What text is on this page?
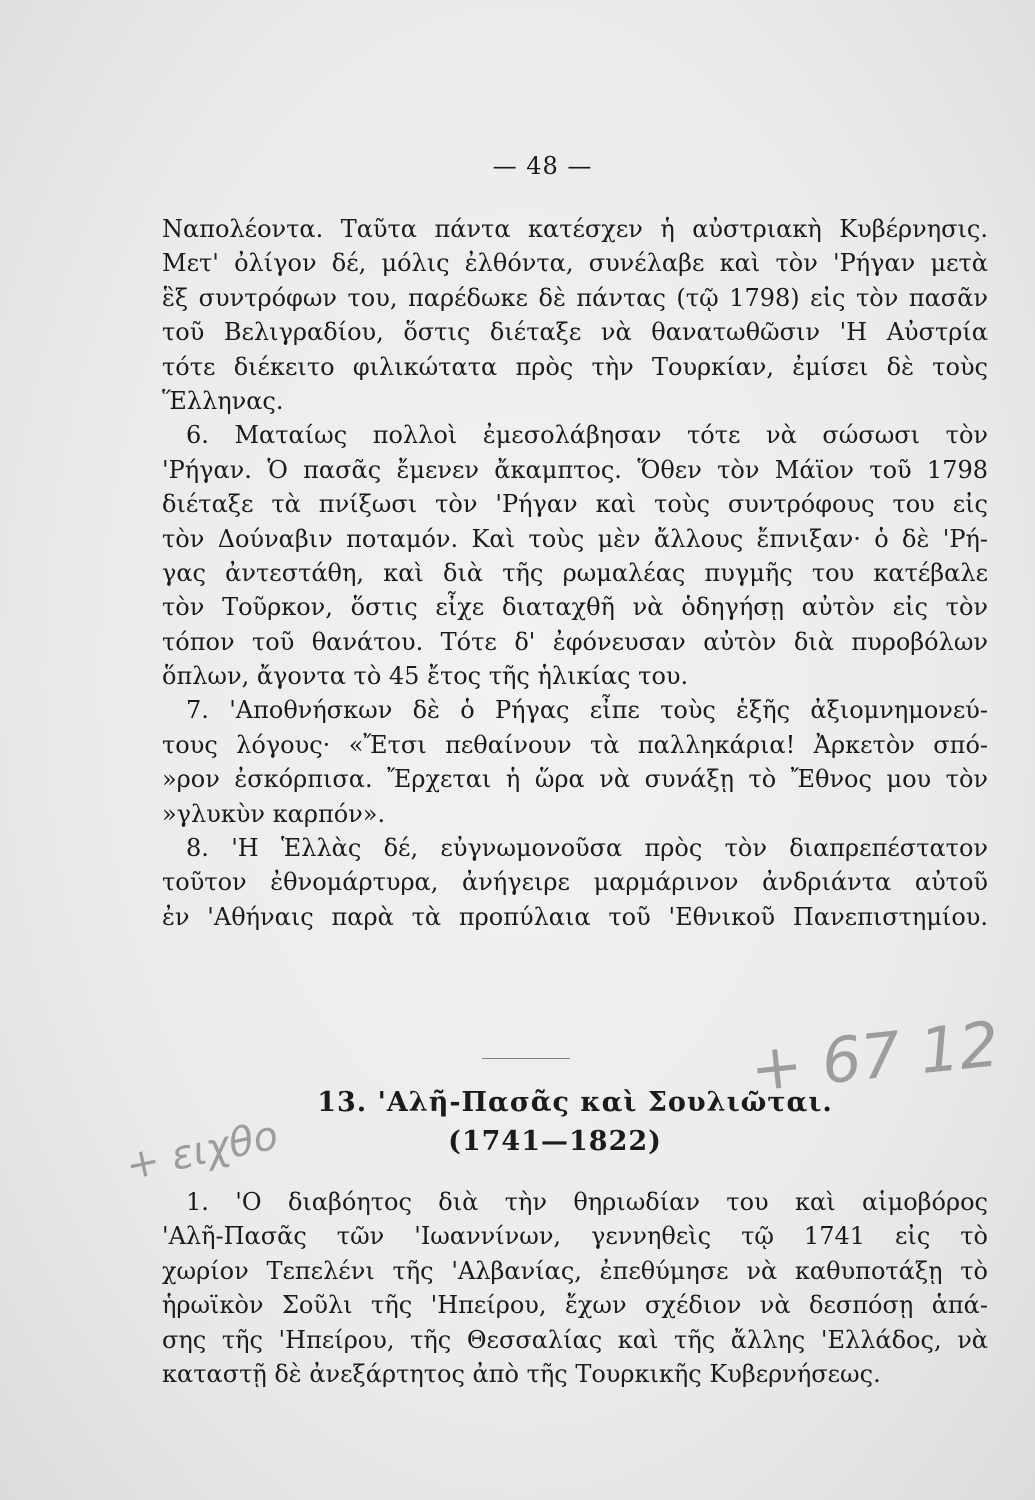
— 48 —
Ναπολέοντα. Ταῦτα πάντα κατέσχεν ἡ αὐστριακὴ Κυβέρνησις.
Μετ' ὀλίγον δέ, μόλις ἐλθόντα, συνέλαβε καὶ τὸν 'Ρήγαν μετὰ
ἓξ συντρόφων του, παρέδωκε δὲ πάντας (τῷ 1798) εἰς τὸν πασᾶν
τοῦ Βελιγραδίου, ὅστις διέταξε νὰ θανατωθῶσιν 'Η Αὐστρία
τότε διέκειτο φιλικώτατα πρὸς τὴν Τουρκίαν, ἐμίσει δὲ τοὺς
Ἕλληνας.
6. Ματαίως πολλοὶ ἐμεσολάβησαν τότε νὰ σώσωσι τὸν
'Ρήγαν. Ὁ πασᾶς ἔμενεν ἄκαμπτος. Ὅθεν τὸν Μάϊον τοῦ 1798
διέταξε τὰ πνίξωσι τὸν 'Ρήγαν καὶ τοὺς συντρόφους του εἰς
τὸν Δούναβιν ποταμόν. Καὶ τοὺς μὲν ἄλλους ἔπνιξαν· ὁ δὲ 'Ρή-
γας ἀντεστάθη, καὶ διὰ τῆς ρωμαλέας πυγμῆς του κατέβαλε
τὸν Τοῦρκον, ὅστις εἶχε διαταχθῆ νὰ ὁδηγήσῃ αὐτὸν εἰς τὸν
τόπον τοῦ θανάτου. Τότε δ' ἐφόνευσαν αὐτὸν διὰ πυροβόλων
ὅπλων, ἄγοντα τὸ 45 ἔτος τῆς ἡλικίας του.
7. 'Αποθνήσκων δὲ ὁ Ρήγας εἶπε τοὺς ἑξῆς ἀξιομνημονεύ-
τους λόγους· «Ἔτσι πεθαίνουν τὰ παλληκάρια! Ἀρκετὸν σπό-
»ρον ἐσκόρπισα. Ἔρχεται ἡ ὥρα νὰ συνάξῃ τὸ Ἔθνος μου τὸν
»γλυκὺν καρπόν».
8. 'Η Ἑλλὰς δέ, εὐγνωμονοῦσα πρὸς τὸν διαπρεπέστατον
τοῦτον ἐθνομάρτυρα, ἀνήγειρε μαρμάρινον ἀνδριάντα αὐτοῦ
ἐν 'Αθήναις παρὰ τὰ προπύλαια τοῦ 'Εθνικοῦ Πανεπιστημίου.
13. 'Αλῆ-Πασᾶς καὶ Σουλιῶται.
(1741—1822)
1. 'Ο διαβόητος διὰ τὴν θηριωδίαν του καὶ αἱμοβόρος
'Αλῆ-Πασᾶς τῶν 'Ιωαννίνων, γεννηθεὶς τῷ 1741 εἰς τὸ
χωρίον Τεπελένι τῆς 'Αλβανίας, ἐπεθύμησε νὰ καθυποτάξῃ τὸ
ἡρωϊκὸν Σοῦλι τῆς 'Ηπείρου, ἔχων σχέδιον νὰ δεσπόσῃ ἁπά-
σης τῆς 'Ηπείρου, τῆς Θεσσαλίας καὶ τῆς ἄλλης 'Ελλάδος, νὰ
καταστῇ δὲ ἀνεξάρτητος ἀπὸ τῆς Τουρκικῆς Κυβερνήσεως.
+ 67 12
+ ειχθο
